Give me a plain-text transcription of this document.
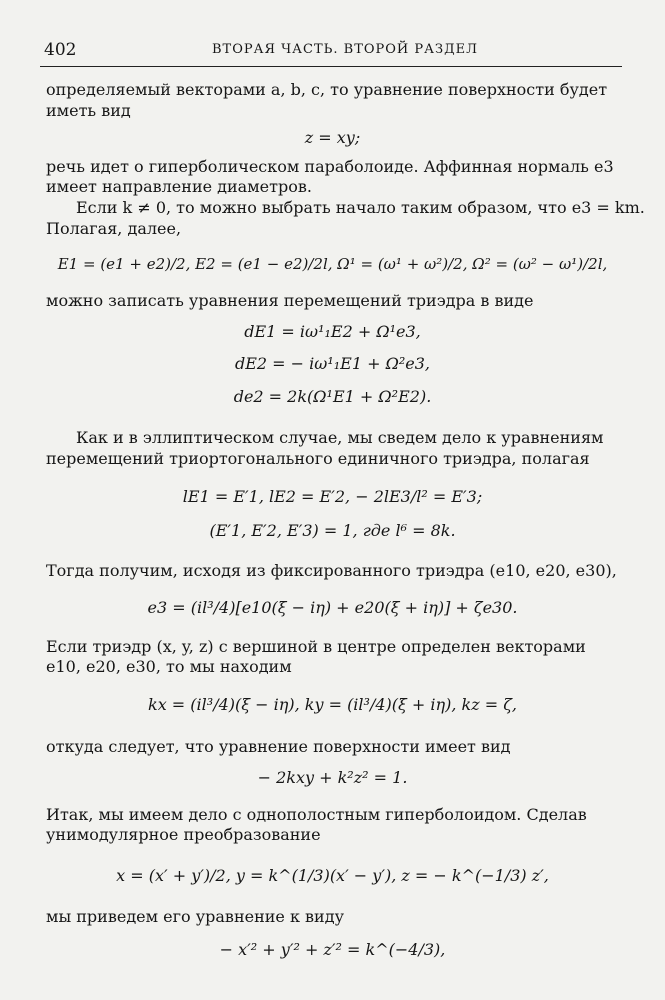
402	ВТОРАЯ ЧАСТЬ. ВТОРОЙ РАЗДЕЛ
определяемый векторами a, b, c, то уравнение поверхности будет
иметь вид
z = xy;
речь идет о гиперболическом параболоиде. Аффинная нормаль e3
имеет направление диаметров.
Если k ≠ 0, то можно выбрать начало таким образом, что e3 = km.
Полагая, далее,
E1 = (e1 + e2)/2, E2 = (e1 − e2)/2l, Ω¹ = (ω¹ + ω²)/2, Ω² = (ω² − ω¹)/2l,
можно записать уравнения перемещений триэдра в виде
dE1 = iω¹₁E2 + Ω¹e3,
dE2 = − iω¹₁E1 + Ω²e3,
de2 = 2k(Ω¹E1 + Ω²E2).
Как и в эллиптическом случае, мы сведем дело к уравнениям
перемещений триортогонального единичного триэдра, полагая
lE1 = E′1, lE2 = E′2, − 2lE3/l² = E′3;
(E′1, E′2, E′3) = 1, где l⁶ = 8k.
Тогда получим, исходя из фиксированного триэдра (e10, e20, e30),
e3 = (il³/4)[e10(ξ − iη) + e20(ξ + iη)] + ζe30.
Если триэдр (x, y, z) с вершиной в центре определен векторами
e10, e20, e30, то мы находим
kx = (il³/4)(ξ − iη), ky = (il³/4)(ξ + iη), kz = ζ,
откуда следует, что уравнение поверхности имеет вид
− 2kxy + k²z² = 1.
Итак, мы имеем дело с однополостным гиперболоидом. Сделав
унимодулярное преобразование
x = (x′ + y′)/2, y = k^(1/3)(x′ − y′), z = − k^(−1/3) z′,
мы приведем его уравнение к виду
− x′² + y′² + z′² = k^(−4/3),
